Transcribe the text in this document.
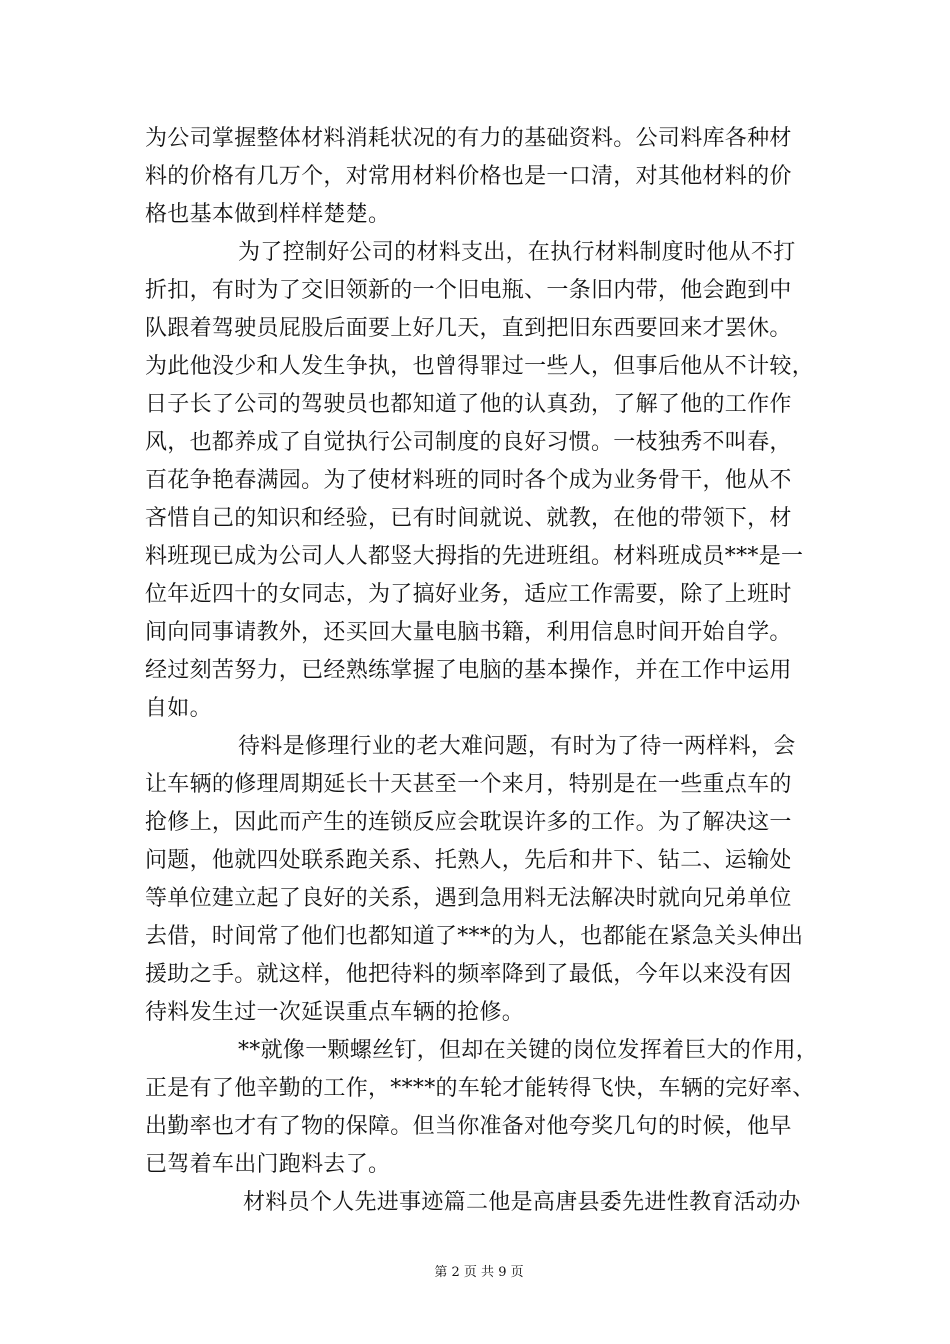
为公司掌握整体材料消耗状况的有力的基础资料。公司料库各种材
料的价格有几万个，对常用材料价格也是一口清，对其他材料的价
格也基本做到样样楚楚。
为了控制好公司的材料支出，在执行材料制度时他从不打
折扣，有时为了交旧领新的一个旧电瓶、一条旧内带，他会跑到中
队跟着驾驶员屁股后面要上好几天，直到把旧东西要回来才罢休。
为此他没少和人发生争执，也曾得罪过一些人，但事后他从不计较，
日子长了公司的驾驶员也都知道了他的认真劲，了解了他的工作作
风，也都养成了自觉执行公司制度的良好习惯。一枝独秀不叫春，
百花争艳春满园。为了使材料班的同时各个成为业务骨干，他从不
吝惜自己的知识和经验，已有时间就说、就教，在他的带领下，材
料班现已成为公司人人都竖大拇指的先进班组。材料班成员***是一
位年近四十的女同志，为了搞好业务，适应工作需要，除了上班时
间向同事请教外，还买回大量电脑书籍，利用信息时间开始自学。
经过刻苦努力，已经熟练掌握了电脑的基本操作，并在工作中运用
自如。
待料是修理行业的老大难问题，有时为了待一两样料，会
让车辆的修理周期延长十天甚至一个来月，特别是在一些重点车的
抢修上，因此而产生的连锁反应会耽误许多的工作。为了解决这一
问题，他就四处联系跑关系、托熟人，先后和井下、钻二、运输处
等单位建立起了良好的关系，遇到急用料无法解决时就向兄弟单位
去借，时间常了他们也都知道了***的为人，也都能在紧急关头伸出
援助之手。就这样，他把待料的频率降到了最低，今年以来没有因
待料发生过一次延误重点车辆的抢修。
**就像一颗螺丝钉，但却在关键的岗位发挥着巨大的作用，
正是有了他辛勤的工作，****的车轮才能转得飞快，车辆的完好率、
出勤率也才有了物的保障。但当你准备对他夸奖几句的时候，他早
已驾着车出门跑料去了。
材料员个人先进事迹篇二他是高唐县委先进性教育活动办
第 2 页 共 9 页
